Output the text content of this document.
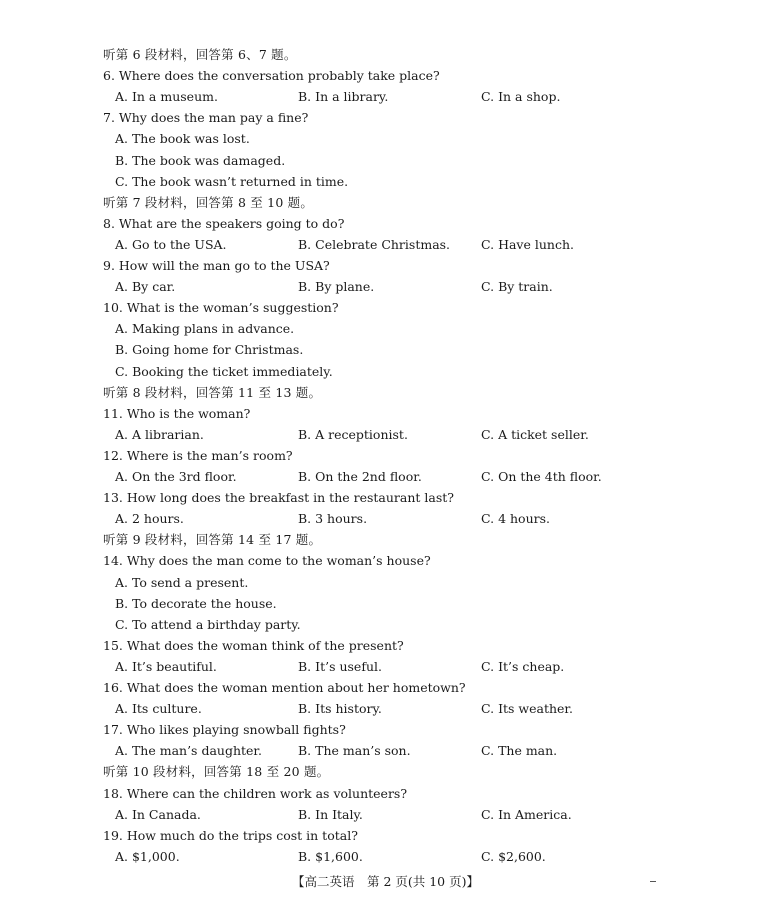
听第 6 段材料，回答第 6、7 题。
6. Where does the conversation probably take place?
A. In a museum.	B. In a library.	C. In a shop.
7. Why does the man pay a fine?
A. The book was lost.
B. The book was damaged.
C. The book wasn’t returned in time.
听第 7 段材料，回答第 8 至 10 题。
8. What are the speakers going to do?
A. Go to the USA.	B. Celebrate Christmas. C. Have lunch.
9. How will the man go to the USA?
A. By car.	B. By plane.	C. By train.
10. What is the woman’s suggestion?
A. Making plans in advance.
B. Going home for Christmas.
C. Booking the ticket immediately.
听第 8 段材料，回答第 11 至 13 题。
11. Who is the woman?
A. A librarian.	B. A receptionist.	C. A ticket seller.
12. Where is the man’s room?
A. On the 3rd floor.	B. On the 2nd floor.	C. On the 4th floor.
13. How long does the breakfast in the restaurant last?
A. 2 hours.	B. 3 hours.	C. 4 hours.
听第 9 段材料，回答第 14 至 17 题。
14. Why does the man come to the woman’s house?
A. To send a present.
B. To decorate the house.
C. To attend a birthday party.
15. What does the woman think of the present?
A. It’s beautiful.	B. It’s useful.	C. It’s cheap.
16. What does the woman mention about her hometown?
A. Its culture.	B. Its history.	C. Its weather.
17. Who likes playing snowball fights?
A. The man’s daughter.	B. The man’s son.	C. The man.
听第 10 段材料，回答第 18 至 20 题。
18. Where can the children work as volunteers?
A. In Canada.	B. In Italy.	C. In America.
19. How much do the trips cost in total?
A. $1,000.	B. $1,600.	C. $2,600.
【高二英语　第 2 页(共 10 页)】
